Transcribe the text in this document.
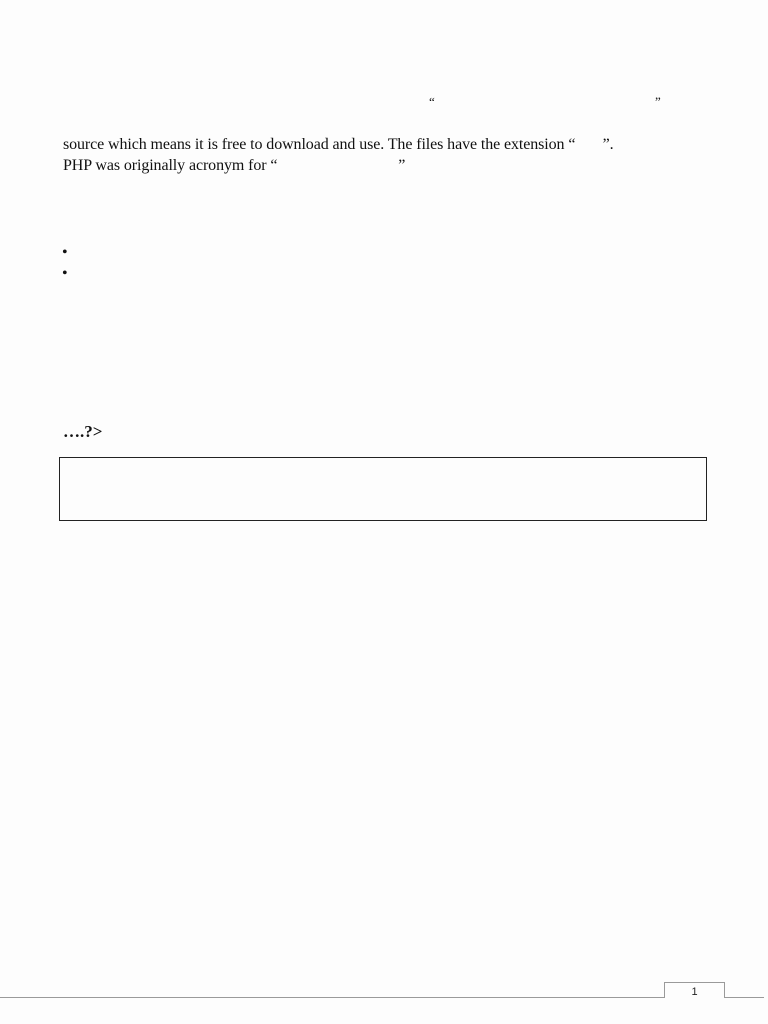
“	”
source which means it is free to download and use. The files have the extension “       ”.
PHP was originally acronym for “                               ”
•
•
….?>
1
